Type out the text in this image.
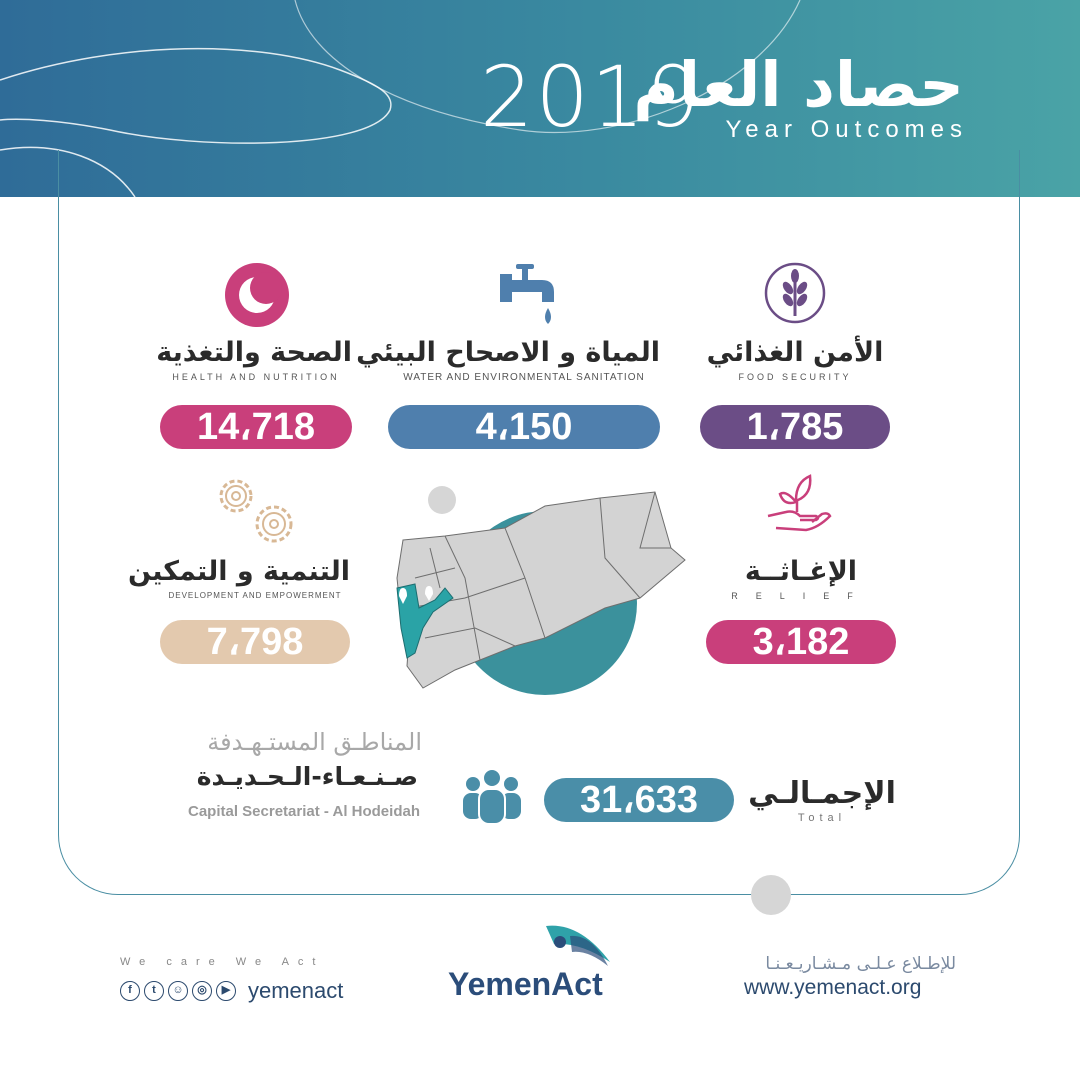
2019
حصاد العام
Year Outcomes
الأمن الغذائي
FOOD SECURITY
1،785
المياة و الاصحاح البيئي
WATER AND ENVIRONMENTAL SANITATION
4،150
الصحة والتغذية
HEALTH AND NUTRITION
14،718
الإغـاثــة
RELIEF
3،182
التنمية و التمكين
DEVELOPMENT AND EMPOWERMENT
7،798
المناطـق المستـهـدفة
صـنـعـاء-الـحـديـدة
Capital Secretariat - Al Hodeidah	31،633	الإجمـالـي
Total
We care We Act
f	t	☺	◎	▶ yemenact	YemenAct
للإطـلاع عـلـى مـشـاريـعـنـا
www.yemenact.org
